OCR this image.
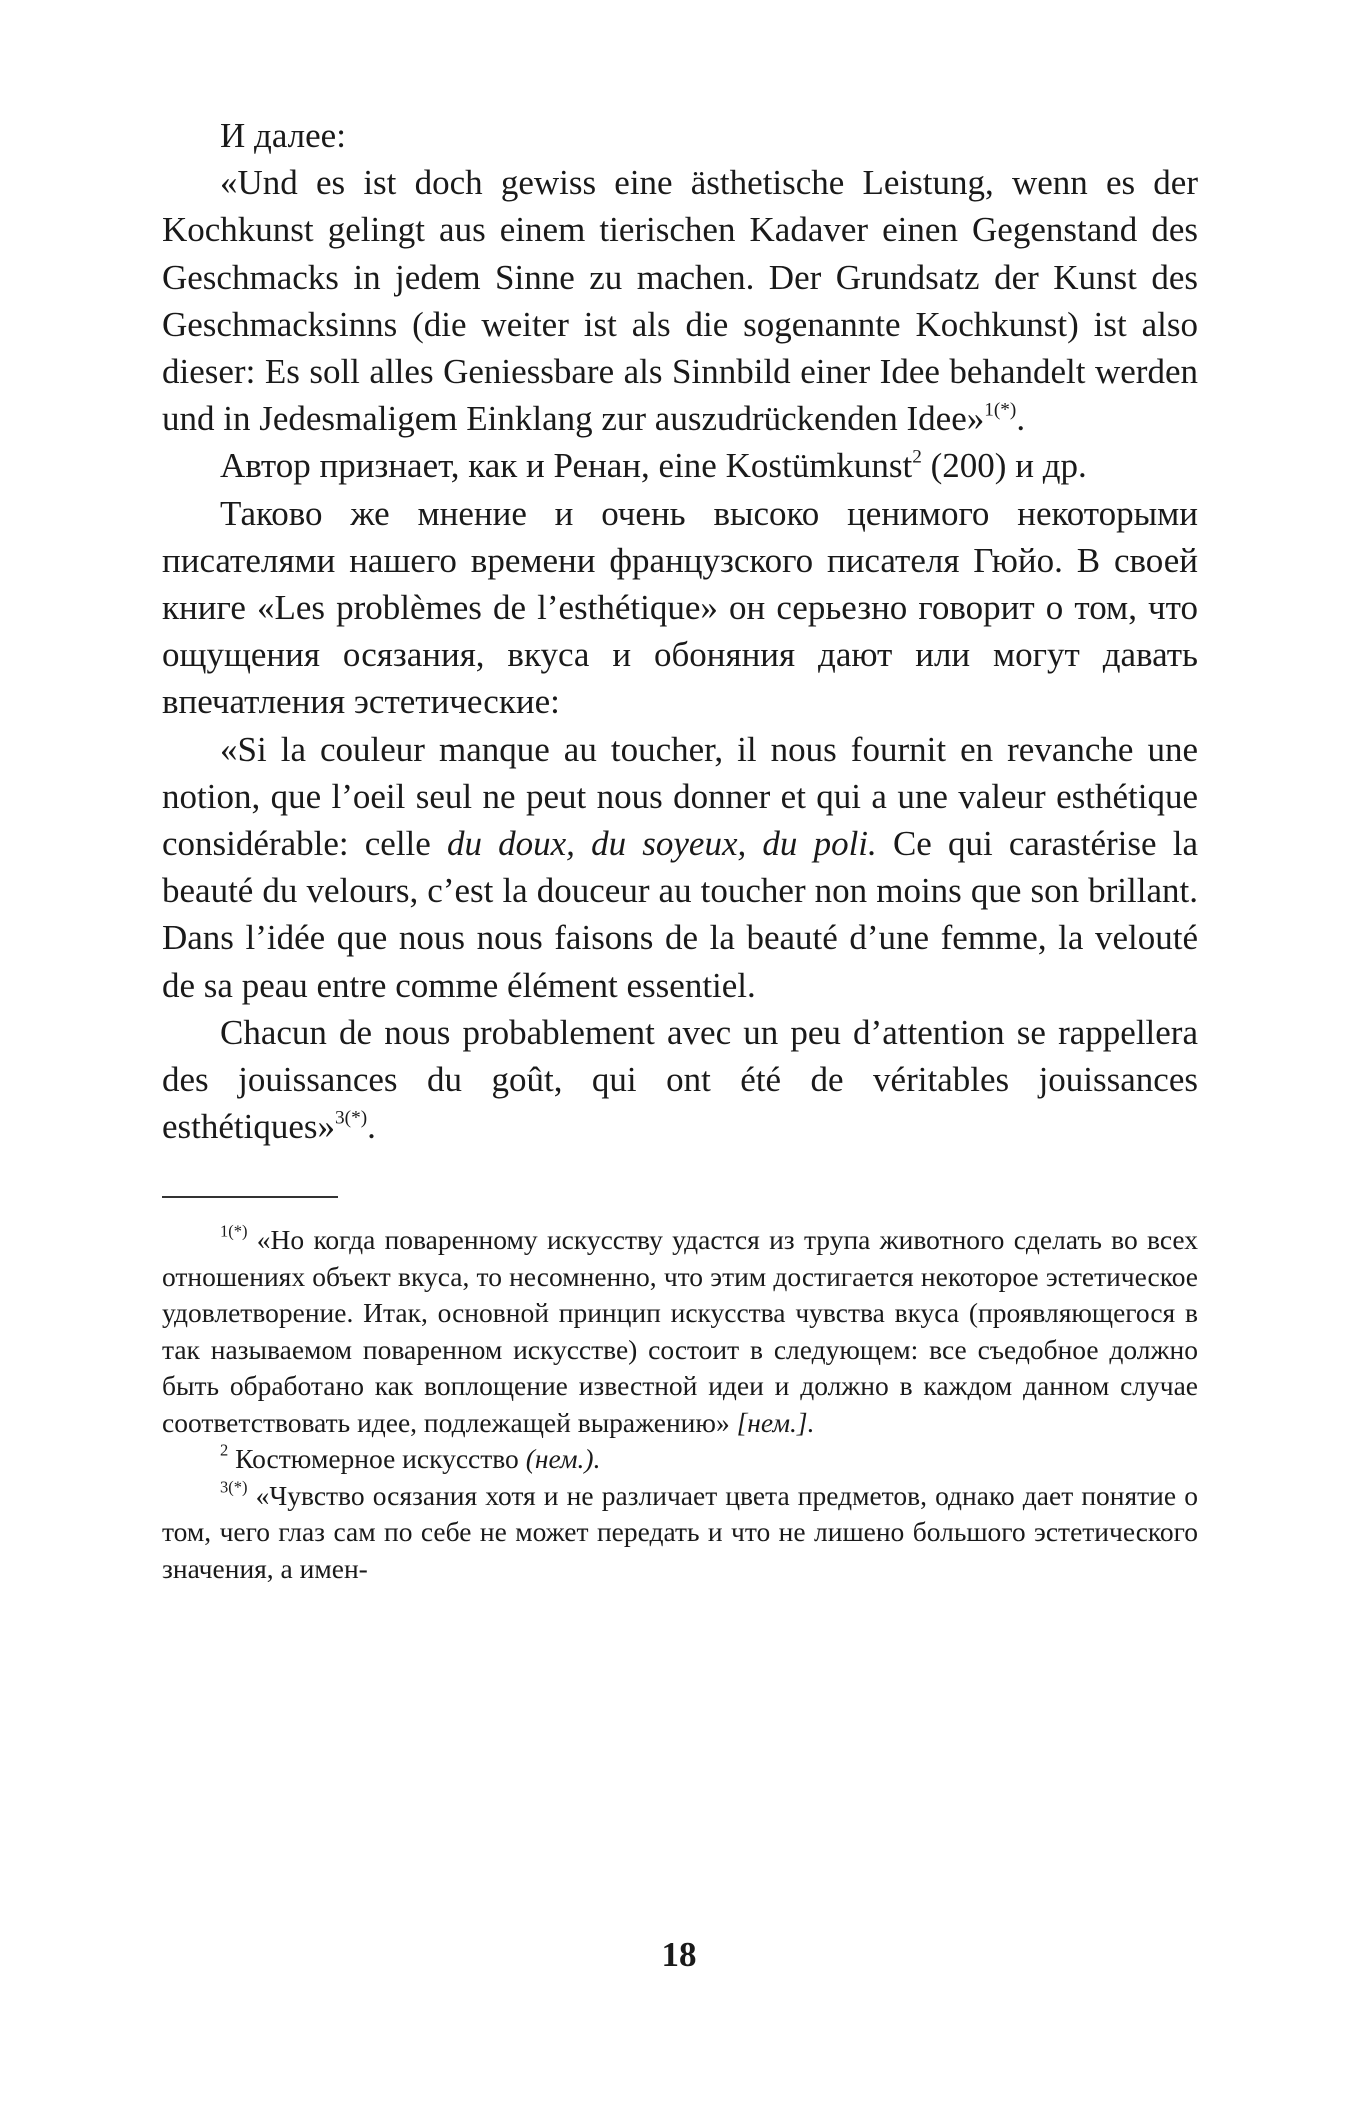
И далее:

«Und es ist doch gewiss eine ästhetische Leistung, wenn es der Kochkunst gelingt aus einem tierischen Kadaver einen Gegenstand des Geschmacks in jedem Sinne zu machen. Der Grundsatz der Kunst des Geschmacksinns (die weiter ist als die sogenannte Kochkunst) ist also dieser: Es soll alles Geniessbare als Sinnbild einer Idee behandelt werden und in Jedesmaligem Einklang zur auszudrückenden Idee»$^{1(*)}$.

Автор признает, как и Ренан, eine Kostümkunst$^2$ (200) и др.

Таково же мнение и очень высоко ценимого некоторыми писателями нашего времени французского писателя Гюйо. В своей книге «Les problèmes de l’esthétique» он серьезно говорит о том, что ощущения осязания, вкуса и обоняния дают или могут давать впечатления эстетические:

«Si la couleur manque au toucher, il nous fournit en revanche une notion, que l’oeil seul ne peut nous donner et qui a une valeur esthétique considérable: celle du doux, du soyeux, du poli. Ce qui carastérise la beauté du velours, c’est la douceur au toucher non moins que son brillant. Dans l’idée que nous nous faisons de la beauté d’une femme, la velouté de sa peau entre comme élément essentiel.

Chacun de nous probablement avec un peu d’attention se rappellera des jouissances du goût, qui ont été de véritables jouissances esthétiques»$^{3(*)}$.

$^{1(*)}$ «Но когда поваренному искусству удастся из трупа животного сделать во всех отношениях объект вкуса, то несомненно, что этим достигается некоторое эстетическое удовлетворение. Итак, основной принцип искусства чувства вкуса (проявляющегося в так называемом поваренном искусстве) состоит в следующем: все съедобное должно быть обработано как воплощение известной идеи и должно в каждом данном случае соответствовать идее, подлежащей выражению» [нем.].

$^2$ Костюмерное искусство (нем.).

$^{3(*)}$ «Чувство осязания хотя и не различает цвета предметов, однако дает понятие о том, чего глаз сам по себе не может передать и что не лишено большого эстетического значения, а имен-

18
